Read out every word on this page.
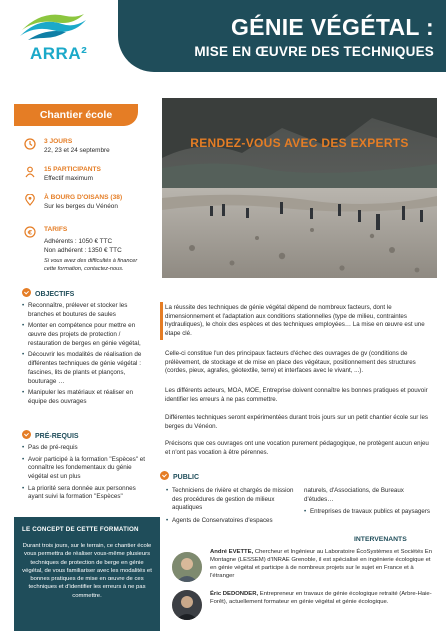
ARRA²
GÉNIE VÉGÉTAL :
MISE EN ŒUVRE DES TECHNIQUES
Chantier école
3 JOURS
22, 23 et 24 septembre
15 PARTICIPANTS
Effectif maximum
À BOURG D'OISANS (38)
Sur les berges du Vénéon
€ TARIFS
Adhérents : 1050 € TTC
Non adhérent : 1350 € TTC
Si vous avez des difficultés à financer cette formation, contactez-nous.
OBJECTIFS
• Reconnaître, prélever et stocker les branches et boutures de saules
• Monter en compétence pour mettre en œuvre des projets de protection / restauration de berges en génie végétal,
• Découvrir les modalités de réalisation de différentes techniques de génie végétal : fascines, lits de plants et plançons, bouturage …
• Manipuler les matériaux et réaliser en équipe des ouvrages
PRÉ-REQUIS
• Pas de pré-requis
• Avoir participé à la formation "Espèces" et connaître les fondementaux du génie végétal est un plus
• La priorité sera donnée aux personnes ayant suivi la formation "Espèces"
LE CONCEPT DE CETTE FORMATION
Durant trois jours, sur le terrain, ce chantier école vous permettra de réaliser vous-même plusieurs techniques de protection de berge en génie végétal, de vous familiariser avec les modalités et bonnes pratiques de mise en œuvre de ces techniques et d'identifier les erreurs à ne pas commettre.
RENDEZ-VOUS AVEC DES EXPERTS
La réussite des techniques de génie végétal dépend de nombreux facteurs, dont le dimensionnement et l'adaptation aux conditions stationnelles (type de milieu, contraintes hydrauliques), le choix des espèces et des techniques employées… La mise en œuvre est une étape clé.
Celle-ci constitue l'un des principaux facteurs d'échec des ouvrages de gv (conditions de prélèvement, de stockage et de mise en place des végétaux, positionnement des structures (cordes, pieux, agrafes, géotextile, terre) et interfaces avec le vivant, ...).
Les différents acteurs, MOA, MOE, Entreprise doivent connaître les bonnes pratiques et pouvoir identifier les erreurs à ne pas commettre.
Différentes techniques seront expérimentées durant trois jours sur un petit chantier école sur les berges du Vénéon.
Précisons que ces ouvrages ont une vocation purement pédagogique, ne protègent aucun enjeu et n'ont pas vocation à être pérennes.
PUBLIC
• Techniciens de rivière et chargés de mission des procédures de gestion de milieux aquatiques
• Agents de Conservatoires d'espaces
naturels, d'Associations, de Bureaux d'études…
• Entreprises de travaux publics et paysagers
INTERVENANTS
André EVETTE, Chercheur et Ingénieur au Laboratoire ÉcoSystèmes et Sociétés En Montagne (LESSEM) d'INRAE Grenoble, il est spécialisé en ingénierie écologique et en génie végétal et participe à de nombreux projets sur le sujet en France et à l'étranger
Éric DEDONDER, Entrepreneur en travaux de génie écologique retraité (Arbre-Haie-Forêt), actuellement formateur en génie végétal et génie écologique.
